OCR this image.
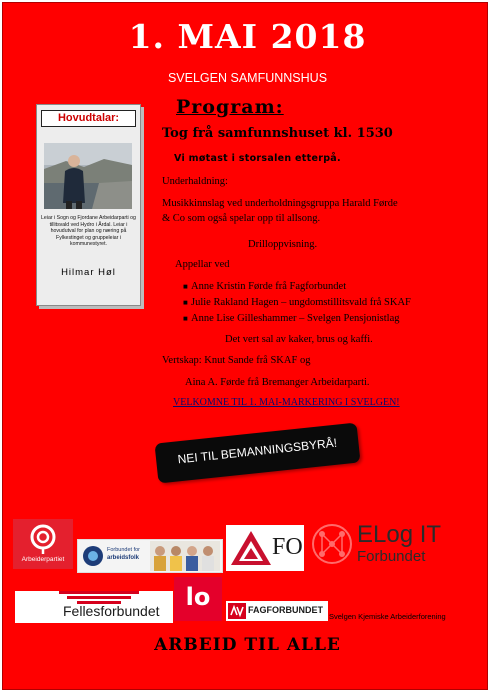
1. MAI 2018
SVELGEN SAMFUNNSHUS
Hovudtalar:
Leiar i Sogn og Fjordane Arbeidarparti og tillitsvald ved Hydro i Årdal. Leiar i hovudutval for plan og næring på Fylkestinget og gruppeleiar i kommunestyret.
Hilmar Høl
Program:
Tog frå samfunnshuset kl. 1530
Vi møtast i storsalen etterpå.
Underhaldning:
Musikkinnslag ved underholdningsgruppa Harald Førde
& Co som også spelar opp til allsong.
Drilloppvisning.
Appellar ved
■ Anne Kristin Førde frå Fagforbundet
■ Julie Rakland Hagen – ungdomstillitsvald frå SKAF
■ Anne Lise Gilleshammer – Svelgen Pensjonistlag
Det vert sal av kaker, brus og kaffi.
Vertskap: Knut Sande frå SKAF og
Aina A. Førde frå Bremanger Arbeidarparti.
VELKOMNE TIL 1. MAI-MARKERING I SVELGEN!
NEI TIL BEMANNINGSBYRÅ!
Arbeiderpartiet
Forbundet for
arbeidsfolk	FO ELog IT
Forbundet
Fellesforbundet	lo	FAGFORBUNDET
Svelgen Kjemiske Arbeiderforening
ARBEID TIL ALLE
